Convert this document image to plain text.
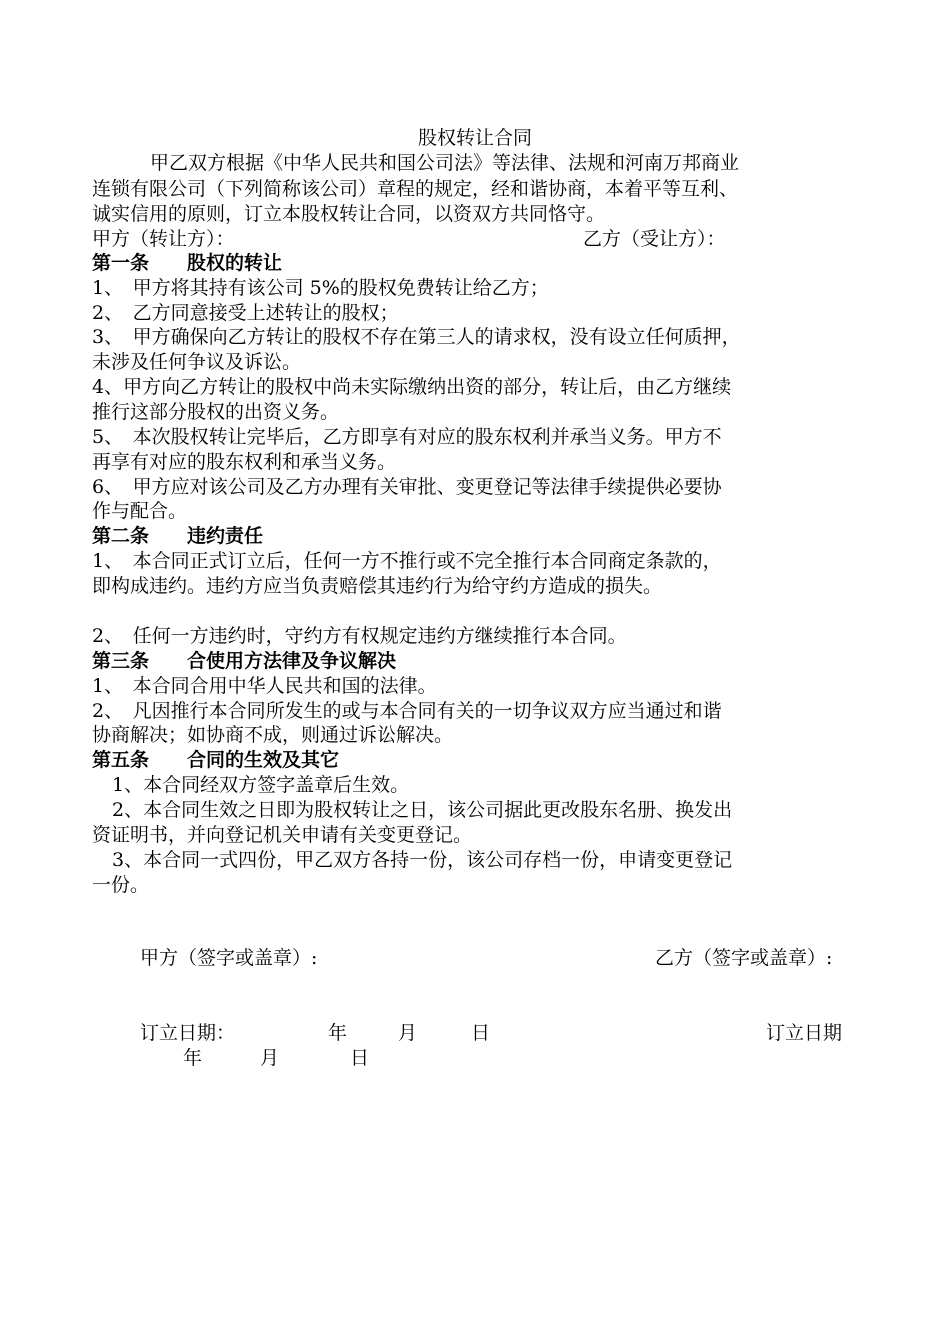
股权转让合同
甲乙双方根据《中华人民共和国公司法》等法律、法规和河南万邦商业
连锁有限公司（下列简称该公司）章程的规定，经和谐协商，本着平等互利、
诚实信用的原则，订立本股权转让合同，以资双方共同恪守。
甲方（转让方）：	乙方（受让方）：
第一条　　股权的转让
1、　甲方将其持有该公司 5%的股权免费转让给乙方；
2、　乙方同意接受上述转让的股权；
3、　甲方确保向乙方转让的股权不存在第三人的请求权，没有设立任何质押，
未涉及任何争议及诉讼。
4、甲方向乙方转让的股权中尚未实际缴纳出资的部分，转让后，由乙方继续
推行这部分股权的出资义务。
5、　本次股权转让完毕后，乙方即享有对应的股东权利并承当义务。甲方不
再享有对应的股东权利和承当义务。
6、　甲方应对该公司及乙方办理有关审批、变更登记等法律手续提供必要协
作与配合。
第二条　　违约责任
1、　本合同正式订立后，任何一方不推行或不完全推行本合同商定条款的，
即构成违约。违约方应当负责赔偿其违约行为给守约方造成的损失。
2、　任何一方违约时，守约方有权规定违约方继续推行本合同。
第三条　　合使用方法律及争议解决
1、　本合同合用中华人民共和国的法律。
2、　凡因推行本合同所发生的或与本合同有关的一切争议双方应当通过和谐
协商解决；如协商不成，则通过诉讼解决。
第五条　　合同的生效及其它
1、本合同经双方签字盖章后生效。
2、本合同生效之日即为股权转让之日，该公司据此更改股东名册、换发出
资证明书，并向登记机关申请有关变更登记。
3、本合同一式四份，甲乙双方各持一份，该公司存档一份，申请变更登记
一份。
甲方（签字或盖章）:	乙方（签字或盖章）:
订立日期：	年	月	日	订立日期
年	月	日
